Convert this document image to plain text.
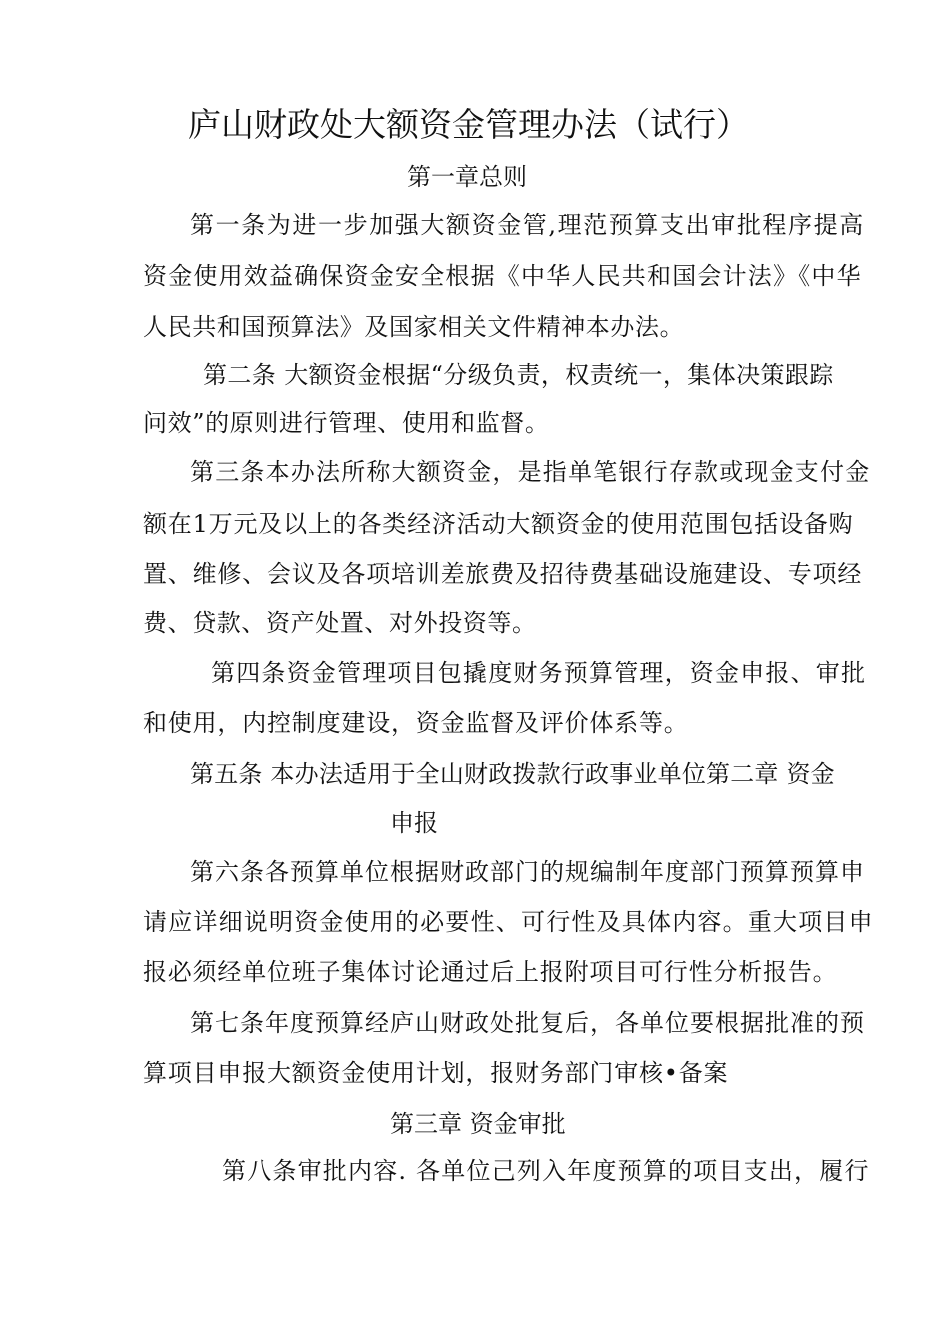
庐山财政处大额资金管理办法（试行）
第一章总则
第一条为进一步加强大额资金管,理范预算支出审批程序提高
资金使用效益确保资金安全根据《中华人民共和国会计法》《中华
人民共和国预算法》及国家相关文件精神本办法。
第二条 大额资金根据“分级负责，权责统一，集体决策跟踪
问效”的原则进行管理、使用和监督。
第三条本办法所称大额资金，是指单笔银行存款或现金支付金
额在1万元及以上的各类经济活动大额资金的使用范围包括设备购
置、维修、会议及各项培训差旅费及招待费基础设施建设、专项经
费、贷款、资产处置、对外投资等。
第四条资金管理项目包撬度财务预算管理，资金申报、审批
和使用，内控制度建设，资金监督及评价体系等。
第五条 本办法适用于全山财政拨款行政事业单位第二章 资金
申报
第六条各预算单位根据财政部门的规编制年度部门预算预算申
请应详细说明资金使用的必要性、可行性及具体内容。重大项目申
报必须经单位班子集体讨论通过后上报附项目可行性分析报告。
第七条年度预算经庐山财政处批复后，各单位要根据批准的预
算项目申报大额资金使用计划，报财务部门审核•备案
第三章 资金审批
第八条审批内容. 各单位己列入年度预算的项目支出，履行
